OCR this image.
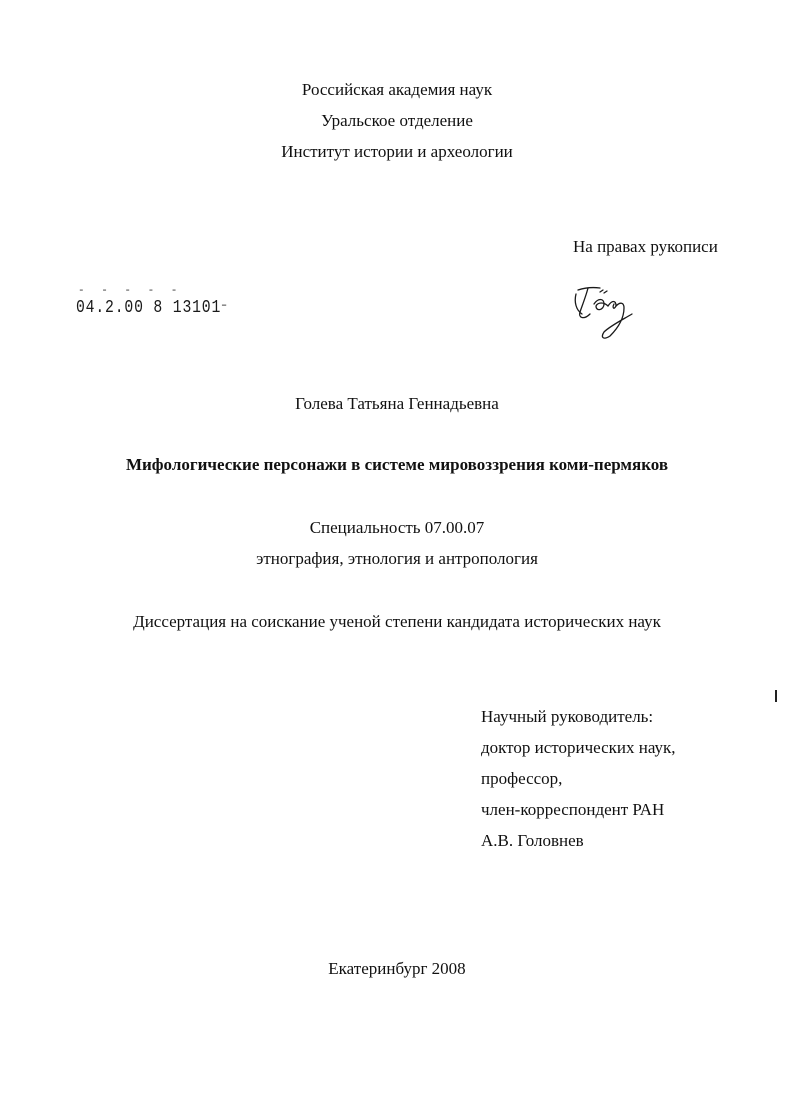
Российская академия наук
Уральское отделение
Институт истории и археологии
На правах рукописи
- - - - -
04.2.00 8 13101–
Голева Татьяна Геннадьевна
Мифологические персонажи в системе мировоззрения коми-пермяков
Специальность 07.00.07
этнография, этнология и антропология
Диссертация на соискание ученой степени кандидата исторических наук
Научный руководитель:
доктор исторических наук,
профессор,
член-корреспондент РАН
А.В. Головнев
Екатеринбург 2008
